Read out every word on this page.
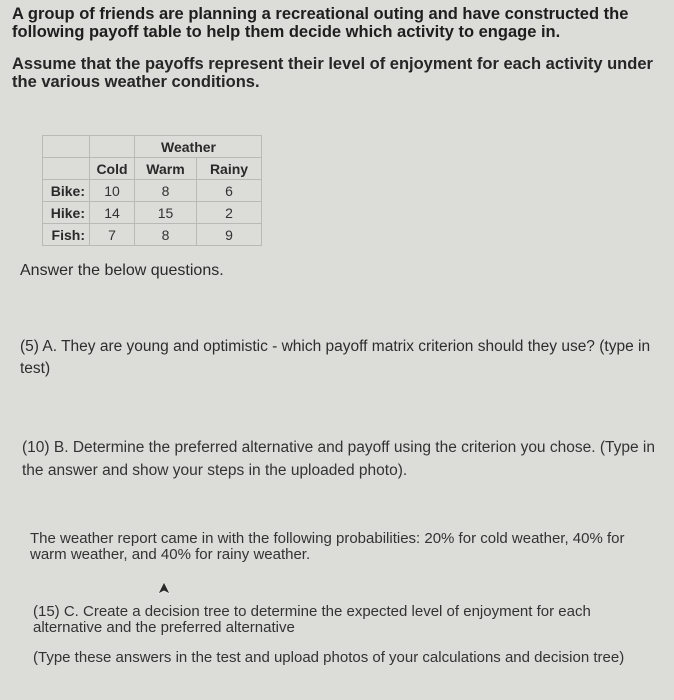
A group of friends are planning a recreational outing and have constructed the following payoff table to help them decide which activity to engage in.

Assume that the payoffs represent their level of enjoyment for each activity under the various weather conditions.

		Weather	
	Cold	Warm	Rainy
Bike:	10	8	6
Hike:	14	15	2
Fish:	7	8	9

Answer the below questions.

(5) A. They are young and optimistic - which payoff matrix criterion should they use? (type in test)

(10) B. Determine the preferred alternative and payoff using the criterion you chose. (Type in the answer and show your steps in the uploaded photo).

The weather report came in with the following probabilities: 20% for cold weather, 40% for warm weather, and 40% for rainy weather.

(15) C. Create a decision tree to determine the expected level of enjoyment for each alternative and the preferred alternative

(Type these answers in the test and upload photos of your calculations and decision tree)
